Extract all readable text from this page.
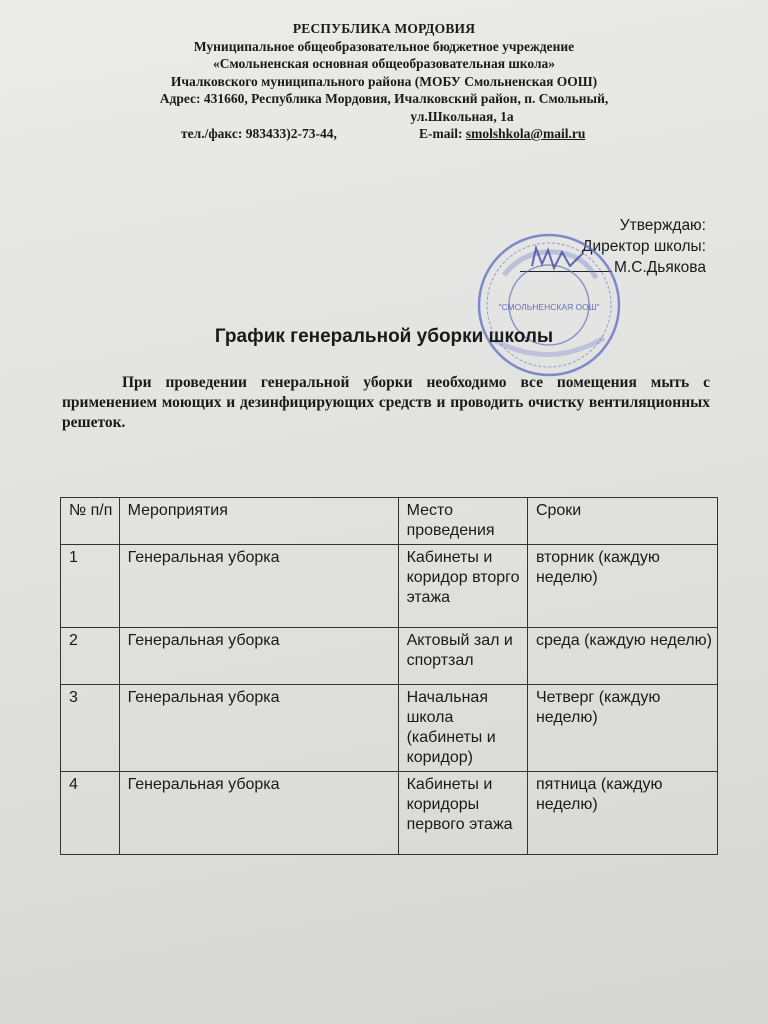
РЕСПУБЛИКА МОРДОВИЯ
Муниципальное общеобразовательное бюджетное учреждение
«Смольненская основная общеобразовательная школа»
Ичалковского муниципального района (МОБУ Смольненская ООШ)
Адрес: 431660, Республика Мордовия, Ичалковский район, п. Смольный,
ул.Школьная, 1а
тел./факс: 983433)2-73-44,	E-mail: smolshkola@mail.ru
Утверждаю:
Директор школы:
М.С.Дьякова
"СМОЛЬНЕНСКАЯ ООШ"
График генеральной уборки школы
При проведении генеральной уборки необходимо все помещения мыть с применением моющих и дезинфицирующих средств и проводить очистку вентиляционных решеток.
№ п/п	Мероприятия	Место проведения	Сроки
1	Генеральная уборка	Кабинеты и коридор вторго этажа	вторник (каждую неделю)
2	Генеральная уборка	Актовый зал и спортзал	среда (каждую неделю)
3	Генеральная уборка	Начальная школа (кабинеты и коридор)	Четверг (каждую неделю)
4	Генеральная уборка	Кабинеты и коридоры первого этажа	пятница (каждую неделю)
